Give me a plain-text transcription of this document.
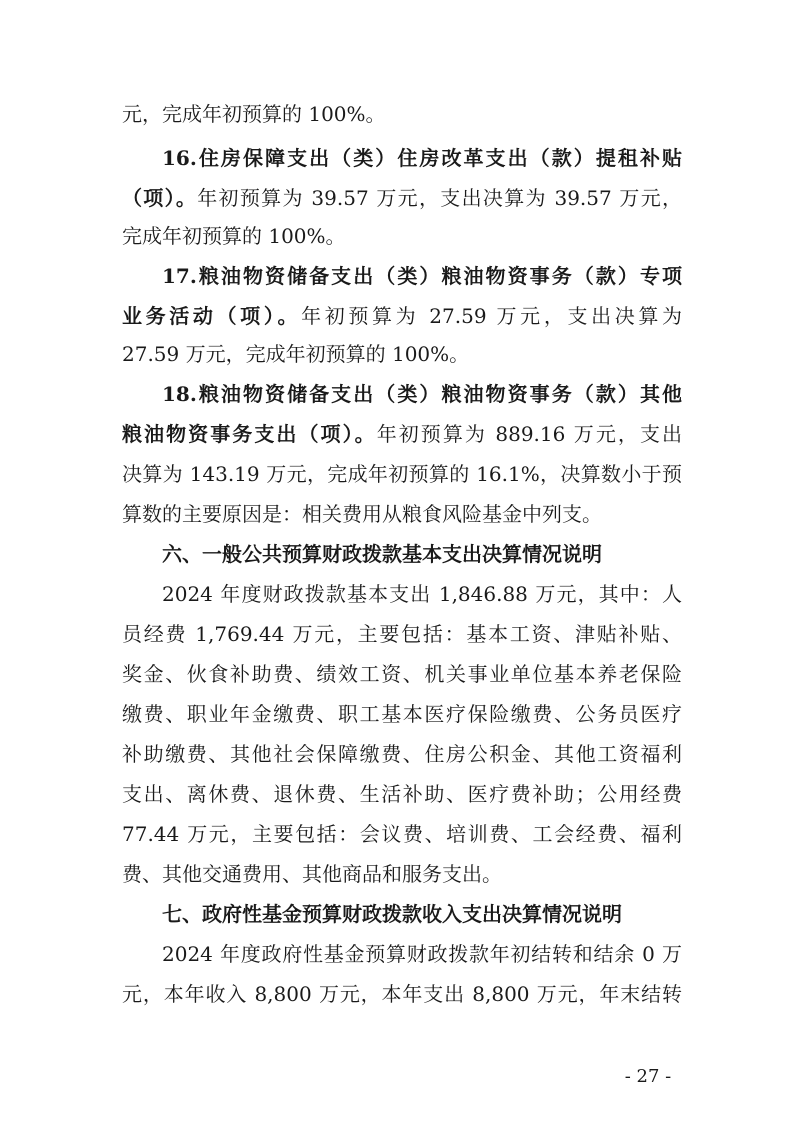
元，完成年初预算的 100%。
16.住房保障支出（类）住房改革支出（款）提租补贴
（项）。年初预算为 39.57 万元，支出决算为 39.57 万元，
完成年初预算的 100%。
17.粮油物资储备支出（类）粮油物资事务（款）专项
业务活动（项）。年初预算为 27.59 万元，支出决算为
27.59 万元，完成年初预算的 100%。
18.粮油物资储备支出（类）粮油物资事务（款）其他
粮油物资事务支出（项）。年初预算为 889.16 万元，支出
决算为 143.19 万元，完成年初预算的 16.1%，决算数小于预
算数的主要原因是：相关费用从粮食风险基金中列支。
六、一般公共预算财政拨款基本支出决算情况说明
2024 年度财政拨款基本支出 1,846.88 万元，其中：人
员经费 1,769.44 万元，主要包括：基本工资、津贴补贴、
奖金、伙食补助费、绩效工资、机关事业单位基本养老保险
缴费、职业年金缴费、职工基本医疗保险缴费、公务员医疗
补助缴费、其他社会保障缴费、住房公积金、其他工资福利
支出、离休费、退休费、生活补助、医疗费补助；公用经费
77.44 万元，主要包括：会议费、培训费、工会经费、福利
费、其他交通费用、其他商品和服务支出。
七、政府性基金预算财政拨款收入支出决算情况说明
2024 年度政府性基金预算财政拨款年初结转和结余 0 万
元，本年收入 8,800 万元，本年支出 8,800 万元，年末结转
- 27 -
